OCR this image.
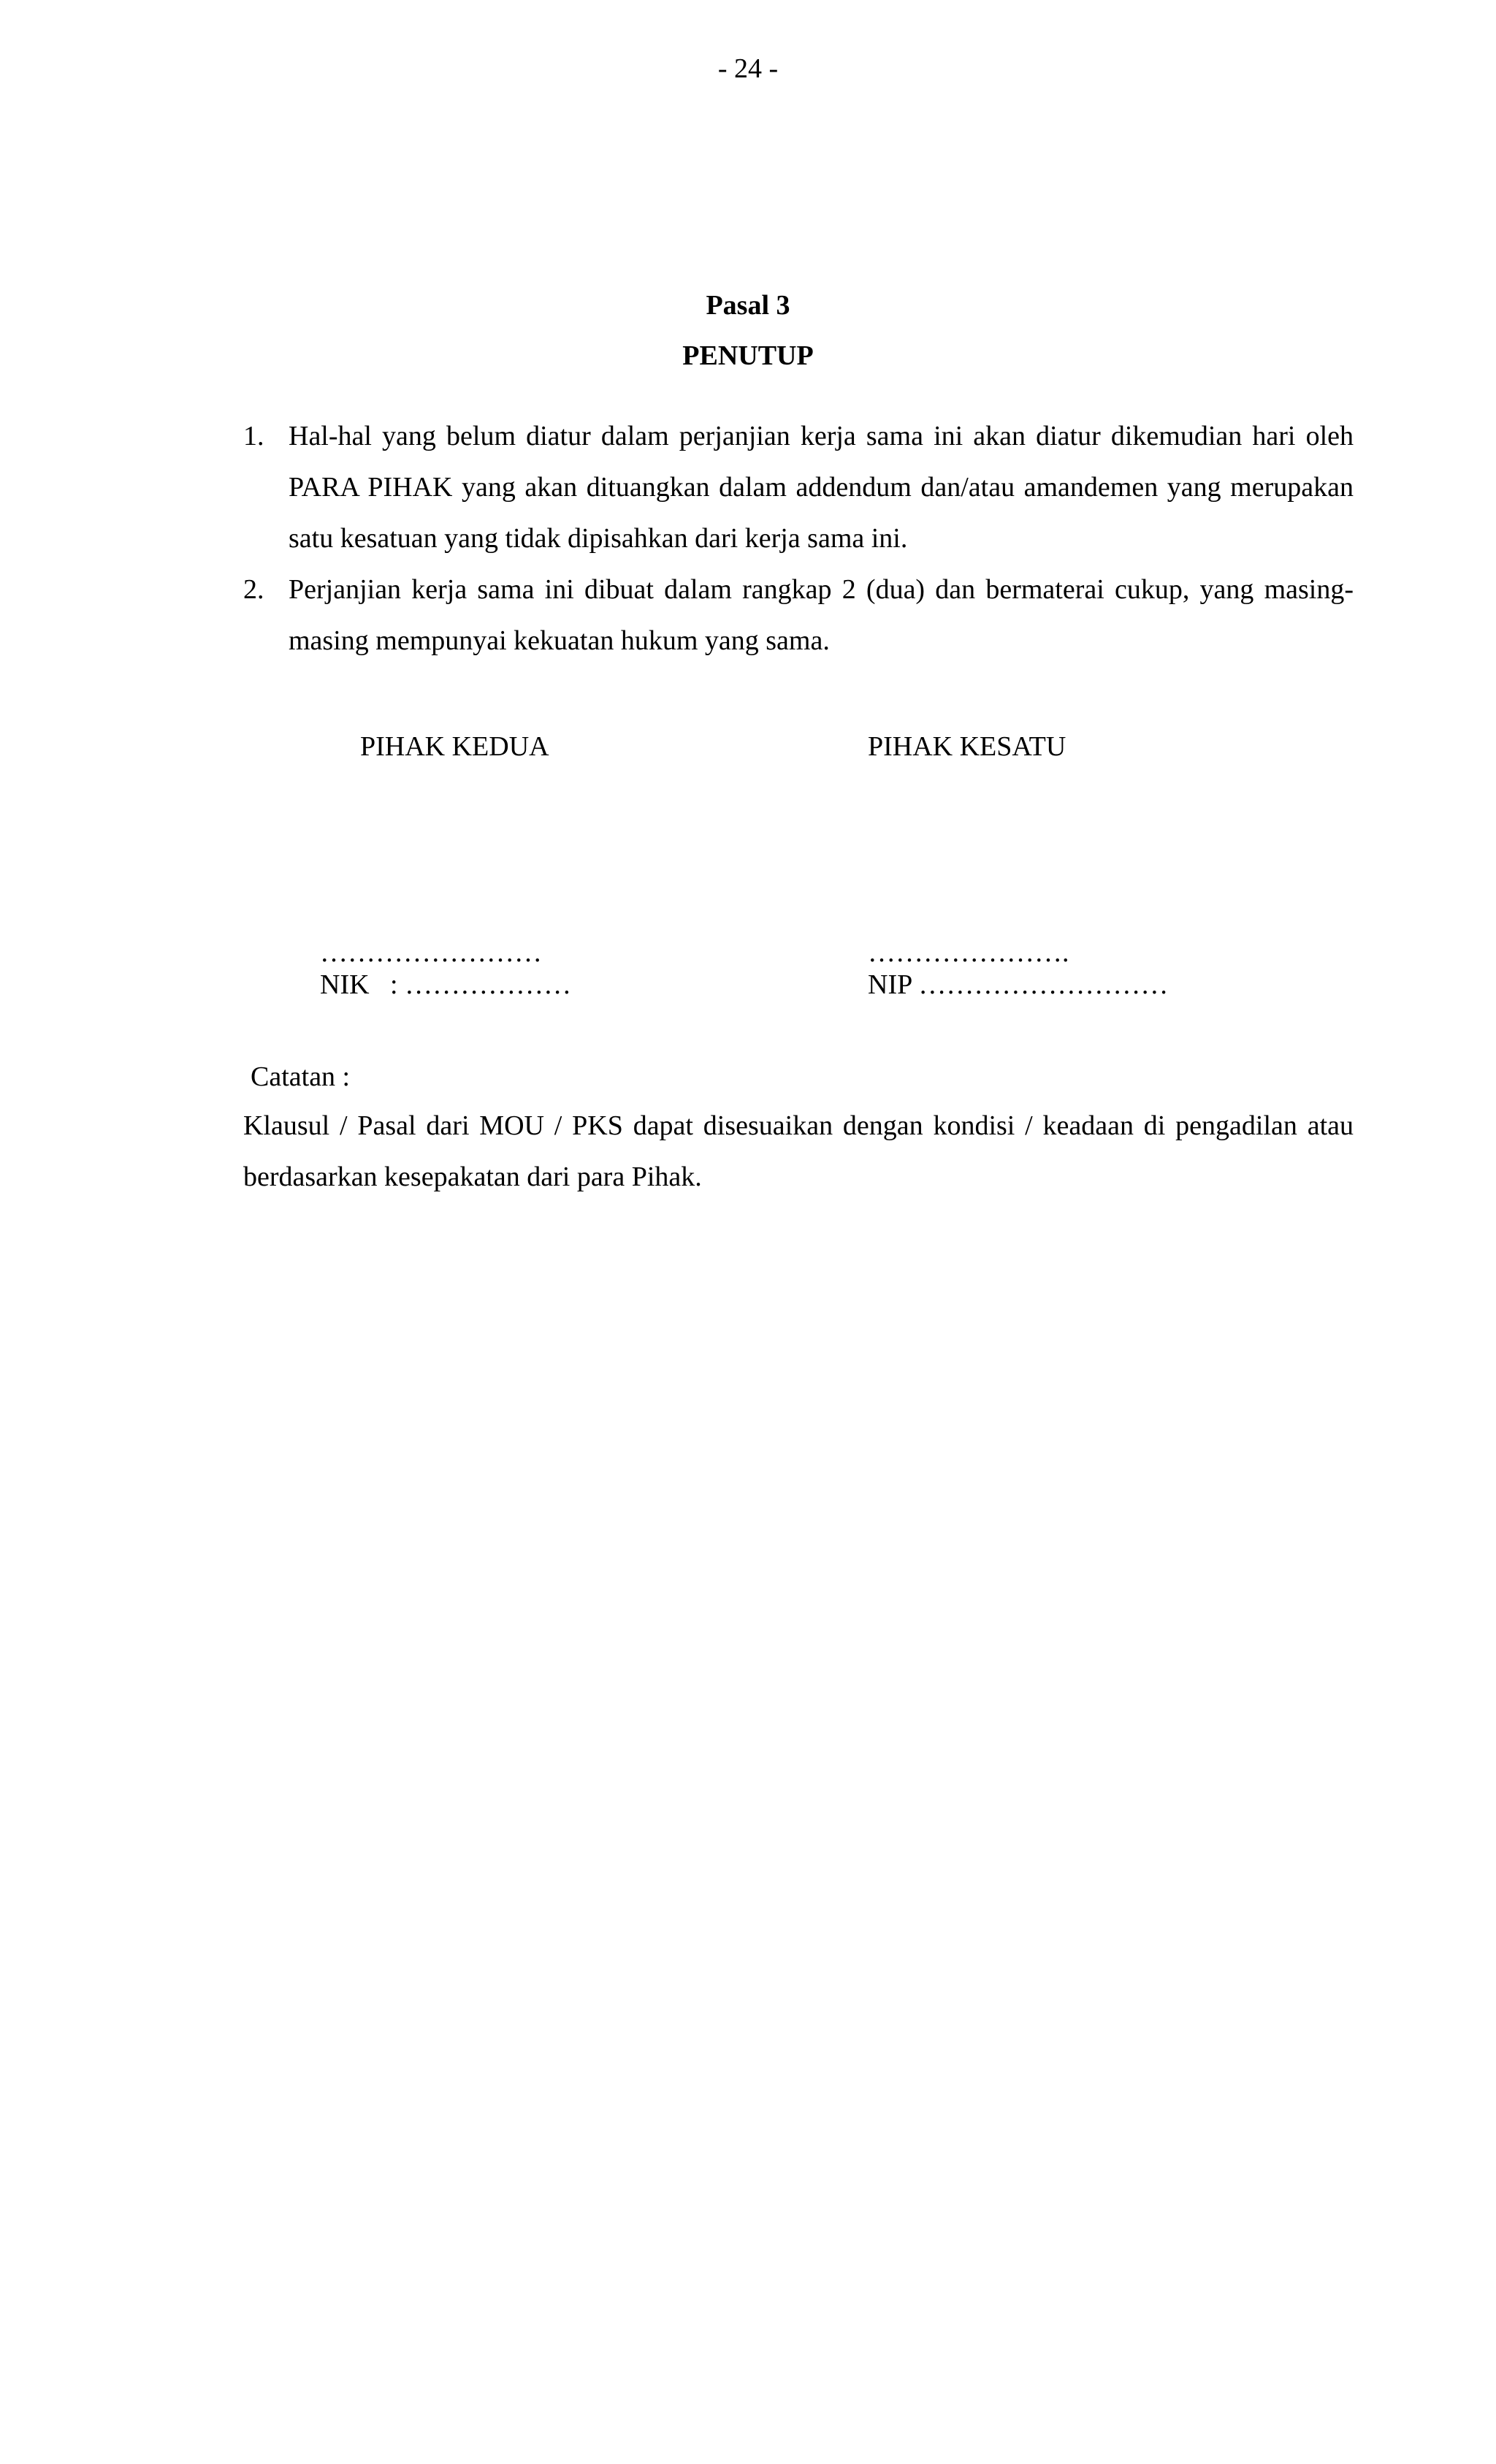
- 24 -
Pasal 3
PENUTUP
1. Hal-hal yang belum diatur dalam perjanjian kerja sama ini akan diatur dikemudian hari oleh PARA PIHAK yang akan dituangkan dalam addendum dan/atau amandemen yang merupakan satu kesatuan yang tidak dipisahkan dari kerja sama ini.
2. Perjanjian kerja sama ini dibuat dalam rangkap 2 (dua) dan bermaterai cukup, yang masing-masing mempunyai kekuatan hukum yang sama.
PIHAK KEDUA	PIHAK KESATU
……………………	………………….
NIK   : ………………	NIP ………………………
Catatan :
Klausul / Pasal dari MOU / PKS dapat disesuaikan dengan kondisi / keadaan di pengadilan atau berdasarkan kesepakatan dari para Pihak.
